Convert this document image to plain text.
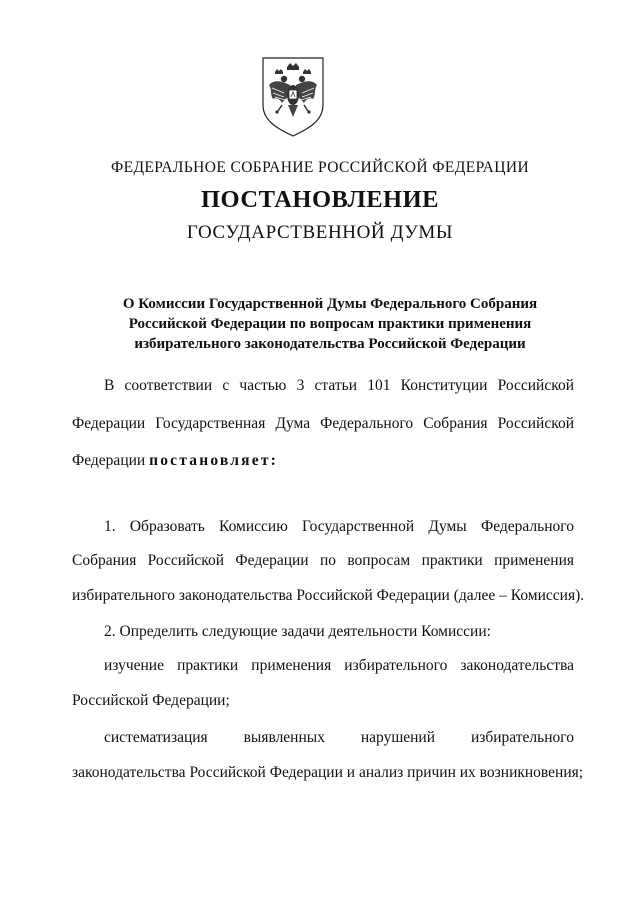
ФЕДЕРАЛЬНОЕ СОБРАНИЕ РОССИЙСКОЙ ФЕДЕРАЦИИ
ПОСТАНОВЛЕНИЕ
ГОСУДАРСТВЕННОЙ ДУМЫ
О Комиссии Государственной Думы Федерального Собрания
Российской Федерации по вопросам практики применения
избирательного законодательства Российской Федерации
В соответствии с частью 3 статьи 101 Конституции Российской
Федерации Государственная Дума Федерального Собрания Российской
Федерации постановляет:
1. Образовать Комиссию Государственной Думы Федерального
Собрания Российской Федерации по вопросам практики применения
избирательного законодательства Российской Федерации (далее – Комиссия).
2. Определить следующие задачи деятельности Комиссии:
изучение практики применения избирательного законодательства
Российской Федерации;
систематизация выявленных нарушений избирательного
законодательства Российской Федерации и анализ причин их возникновения;
